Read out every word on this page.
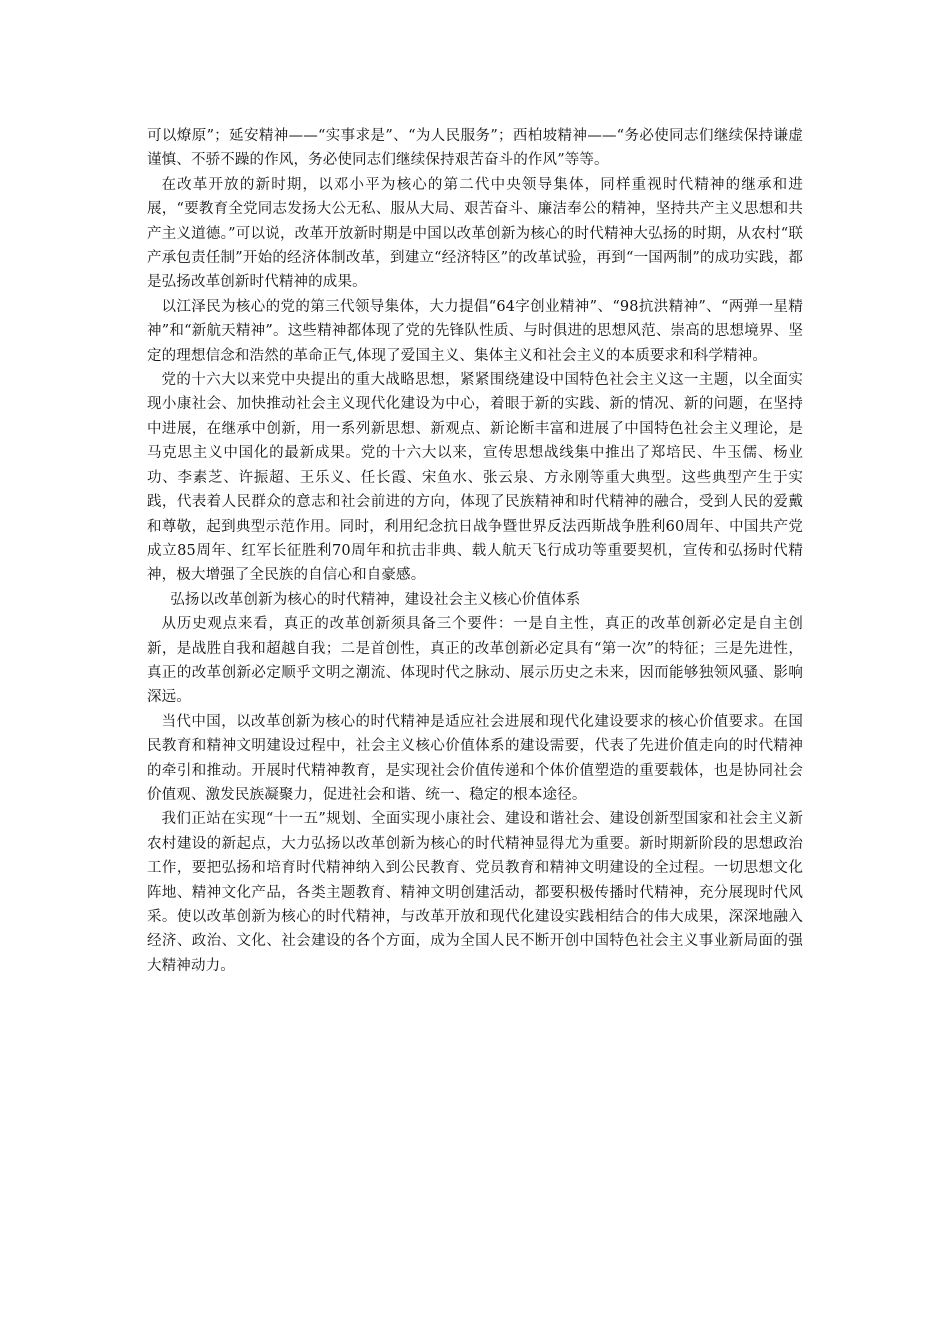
可以燎原”；延安精神——“实事求是”、“为人民服务”；西柏坡精神——“务必使同志们继续保持谦虚谨慎、不骄不躁的作风，务必使同志们继续保持艰苦奋斗的作风”等等。

在改革开放的新时期，以邓小平为核心的第二代中央领导集体，同样重视时代精神的继承和进展，“要教育全党同志发扬大公无私、服从大局、艰苦奋斗、廉洁奉公的精神，坚持共产主义思想和共产主义道德。”可以说，改革开放新时期是中国以改革创新为核心的时代精神大弘扬的时期，从农村“联产承包责任制”开始的经济体制改革，到建立“经济特区”的改革试验，再到“一国两制”的成功实践，都是弘扬改革创新时代精神的成果。

以江泽民为核心的党的第三代领导集体，大力提倡“64字创业精神”、“98抗洪精神”、“两弹一星精神”和“新航天精神”。这些精神都体现了党的先锋队性质、与时俱进的思想风范、崇高的思想境界、坚定的理想信念和浩然的革命正气,体现了爱国主义、集体主义和社会主义的本质要求和科学精神。

党的十六大以来党中央提出的重大战略思想，紧紧围绕建设中国特色社会主义这一主题，以全面实现小康社会、加快推动社会主义现代化建设为中心，着眼于新的实践、新的情况、新的问题，在坚持中进展，在继承中创新，用一系列新思想、新观点、新论断丰富和进展了中国特色社会主义理论，是马克思主义中国化的最新成果。党的十六大以来，宣传思想战线集中推出了郑培民、牛玉儒、杨业功、李素芝、许振超、王乐义、任长霞、宋鱼水、张云泉、方永刚等重大典型。这些典型产生于实践，代表着人民群众的意志和社会前进的方向，体现了民族精神和时代精神的融合，受到人民的爱戴和尊敬，起到典型示范作用。同时，利用纪念抗日战争暨世界反法西斯战争胜利60周年、中国共产党成立85周年、红军长征胜利70周年和抗击非典、载人航天飞行成功等重要契机，宣传和弘扬时代精神，极大增强了全民族的自信心和自豪感。

弘扬以改革创新为核心的时代精神，建设社会主义核心价值体系

从历史观点来看，真正的改革创新须具备三个要件：一是自主性，真正的改革创新必定是自主创新，是战胜自我和超越自我；二是首创性，真正的改革创新必定具有“第一次”的特征；三是先进性，真正的改革创新必定顺乎文明之潮流、体现时代之脉动、展示历史之未来，因而能够独领风骚、影响深远。

当代中国，以改革创新为核心的时代精神是适应社会进展和现代化建设要求的核心价值要求。在国民教育和精神文明建设过程中，社会主义核心价值体系的建设需要，代表了先进价值走向的时代精神的牵引和推动。开展时代精神教育，是实现社会价值传递和个体价值塑造的重要载体，也是协同社会价值观、激发民族凝聚力，促进社会和谐、统一、稳定的根本途径。

我们正站在实现“十一五”规划、全面实现小康社会、建设和谐社会、建设创新型国家和社会主义新农村建设的新起点，大力弘扬以改革创新为核心的时代精神显得尤为重要。新时期新阶段的思想政治工作，要把弘扬和培育时代精神纳入到公民教育、党员教育和精神文明建设的全过程。一切思想文化阵地、精神文化产品，各类主题教育、精神文明创建活动，都要积极传播时代精神，充分展现时代风采。使以改革创新为核心的时代精神，与改革开放和现代化建设实践相结合的伟大成果，深深地融入经济、政治、文化、社会建设的各个方面，成为全国人民不断开创中国特色社会主义事业新局面的强大精神动力。
